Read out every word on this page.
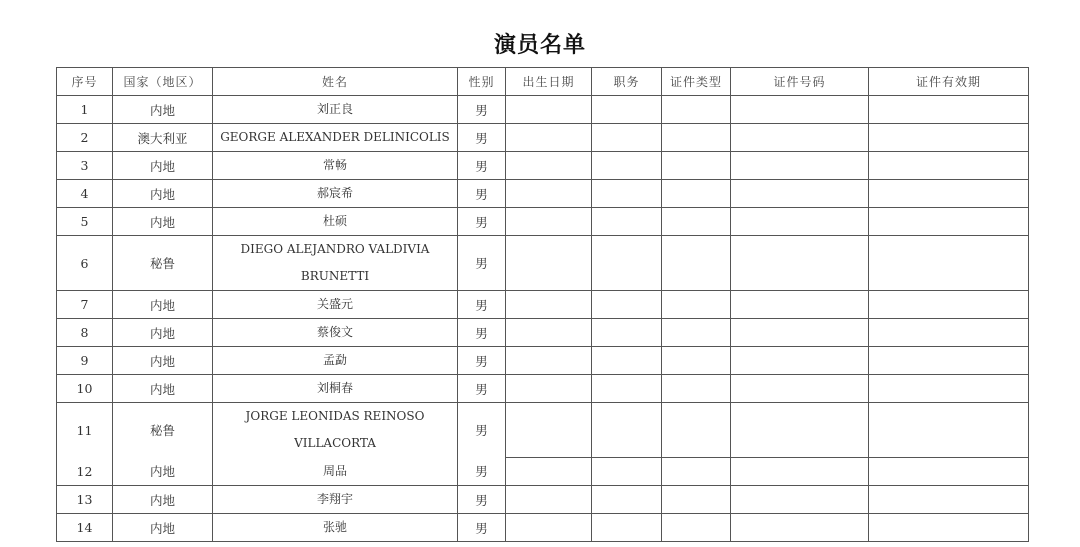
演员名单
序号	国家（地区）	姓名	性别	出生日期	职务	证件类型	证件号码	证件有效期
1	内地	刘正良	男					
2	澳大利亚	GEORGE ALEXANDER DELINICOLIS	男					
3	内地	常畅	男					
4	内地	郝宸希	男					
5	内地	杜硕	男					
6	秘鲁	DIEGO ALEJANDRO VALDIVIA BRUNETTI	男					
7	内地	关盛元	男					
8	内地	蔡俊文	男					
9	内地	孟勐	男					
10	内地	刘桐春	男					
11	秘鲁	JORGE LEONIDAS REINOSO VILLACORTA	男					
12	内地	周品	男					
13	内地	李翔宇	男					
14	内地	张驰	男					
